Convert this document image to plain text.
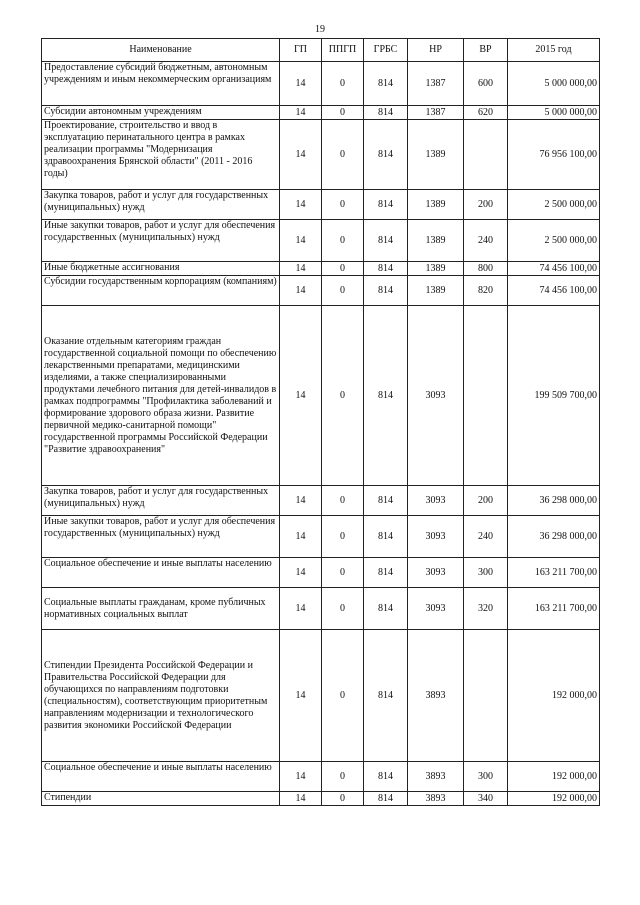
19
Наименование	ГП	ППГП	ГРБС	НР	ВР	2015 год
Предоставление субсидий бюджетным, автономным учреждениям и иным некоммерческим организациям	14	0	814	1387	600	5 000 000,00
Субсидии автономным учреждениям	14	0	814	1387	620	5 000 000,00
Проектирование, строительство и ввод в эксплуатацию перинатального центра в рамках реализации программы "Модернизация здравоохранения Брянской области" (2011 - 2016 годы)	14	0	814	1389		76 956 100,00
Закупка товаров, работ и услуг для государственных (муниципальных) нужд	14	0	814	1389	200	2 500 000,00
Иные закупки товаров, работ и услуг для обеспечения государственных (муниципальных) нужд	14	0	814	1389	240	2 500 000,00
Иные бюджетные ассигнования	14	0	814	1389	800	74 456 100,00
Субсидии государственным корпорациям (компаниям)	14	0	814	1389	820	74 456 100,00
Оказание отдельным категориям граждан государственной социальной помощи по обеспечению лекарственными препаратами, медицинскими изделиями, а также специализированными продуктами лечебного питания для детей-инвалидов в рамках подпрограммы "Профилактика заболеваний и формирование здорового образа жизни. Развитие первичной медико-санитарной помощи" государственной программы Российской Федерации "Развитие здравоохранения"	14	0	814	3093		199 509 700,00
Закупка товаров, работ и услуг для государственных (муниципальных) нужд	14	0	814	3093	200	36 298 000,00
Иные закупки товаров, работ и услуг для обеспечения государственных (муниципальных) нужд	14	0	814	3093	240	36 298 000,00
Социальное обеспечение и иные выплаты населению	14	0	814	3093	300	163 211 700,00
Социальные выплаты гражданам, кроме публичных нормативных социальных выплат	14	0	814	3093	320	163 211 700,00
Стипендии Президента Российской Федерации и Правительства Российской Федерации для обучающихся по направлениям подготовки (специальностям), соответствующим приоритетным направлениям модернизации и технологического развития экономики Российской Федерации	14	0	814	3893		192 000,00
Социальное обеспечение и иные выплаты населению	14	0	814	3893	300	192 000,00
Стипендии	14	0	814	3893	340	192 000,00
